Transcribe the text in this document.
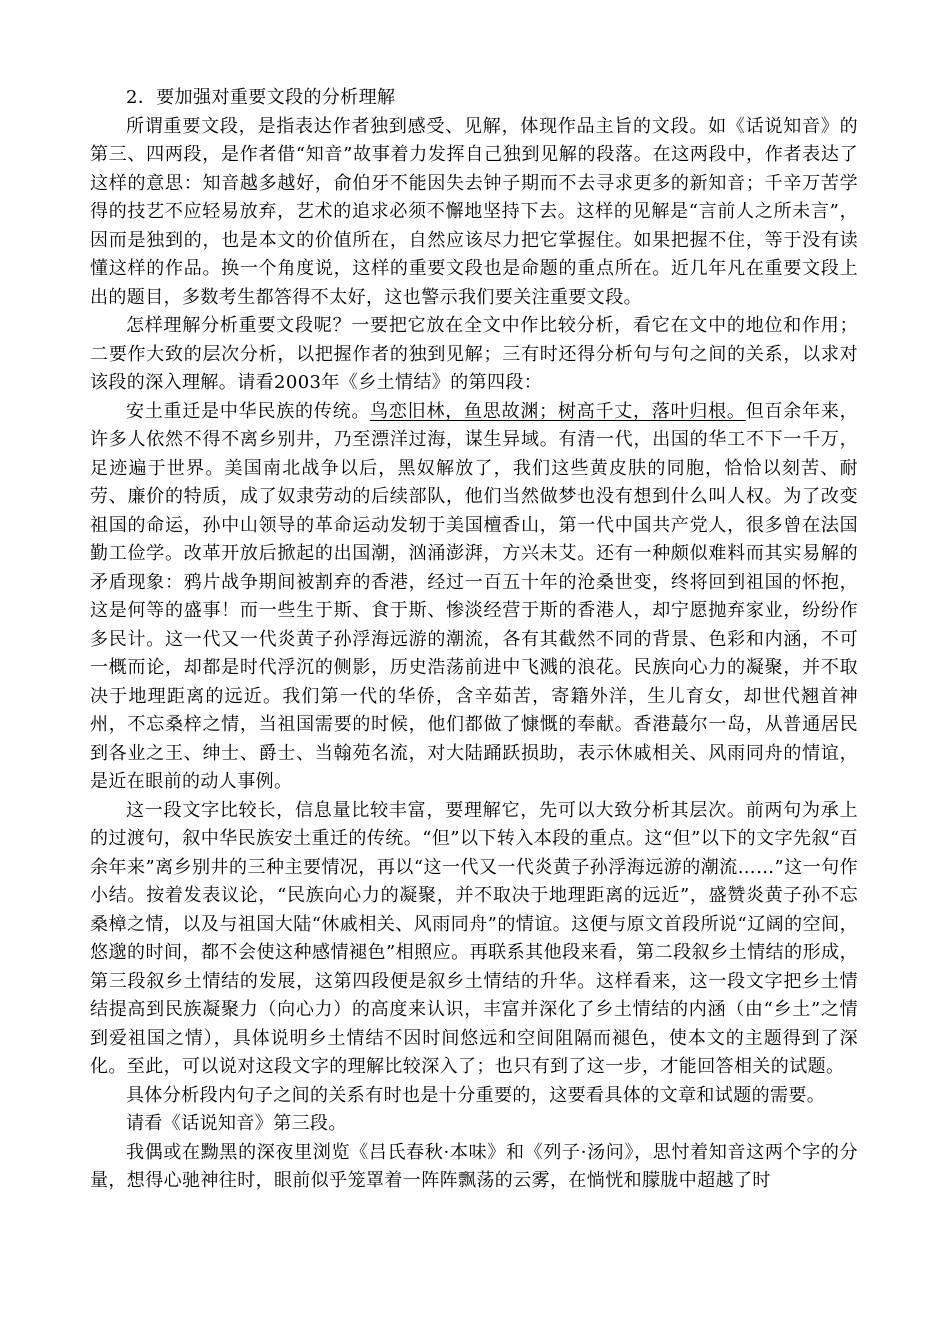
2．要加强对重要文段的分析理解

所谓重要文段，是指表达作者独到感受、见解，体现作品主旨的文段。如《话说知音》的第三、四两段，是作者借“知音”故事着力发挥自己独到见解的段落。在这两段中，作者表达了这样的意思：知音越多越好，俞伯牙不能因失去钟子期而不去寻求更多的新知音；千辛万苦学得的技艺不应轻易放弃，艺术的追求必须不懈地坚持下去。这样的见解是“言前人之所未言”，因而是独到的，也是本文的价值所在，自然应该尽力把它掌握住。如果把握不住，等于没有读懂这样的作品。换一个角度说，这样的重要文段也是命题的重点所在。近几年凡在重要文段上出的题目，多数考生都答得不太好，这也警示我们要关注重要文段。

怎样理解分析重要文段呢？一要把它放在全文中作比较分析，看它在文中的地位和作用；二要作大致的层次分析，以把握作者的独到见解；三有时还得分析句与句之间的关系，以求对该段的深入理解。请看2003年《乡土情结》的第四段：

安土重迁是中华民族的传统。鸟恋旧林，鱼思故渊；树高千丈，落叶归根。但百余年来，许多人依然不得不离乡别井，乃至漂洋过海，谋生异域。有清一代，出国的华工不下一千万，足迹遍于世界。美国南北战争以后，黑奴解放了，我们这些黄皮肤的同胞，恰恰以刻苦、耐劳、廉价的特质，成了奴隶劳动的后续部队，他们当然做梦也没有想到什么叫人权。为了改变祖国的命运，孙中山领导的革命运动发轫于美国檀香山，第一代中国共产党人，很多曾在法国勤工俭学。改革开放后掀起的出国潮，汹涌澎湃，方兴未艾。还有一种颇似难料而其实易解的矛盾现象：鸦片战争期间被割弃的香港，经过一百五十年的沧桑世变，终将回到祖国的怀抱，这是何等的盛事！而一些生于斯、食于斯、惨淡经营于斯的香港人，却宁愿抛弃家业，纷纷作多民计。这一代又一代炎黄子孙浮海远游的潮流，各有其截然不同的背景、色彩和内涵，不可一概而论，却都是时代浮沉的侧影，历史浩荡前进中飞溅的浪花。民族向心力的凝聚，并不取决于地理距离的远近。我们第一代的华侨，含辛茹苦，寄籍外洋，生儿育女，却世代翘首神州，不忘桑梓之情，当祖国需要的时候，他们都做了慷慨的奉献。香港蕞尔一岛，从普通居民到各业之王、绅士、爵士、当翰苑名流，对大陆踊跃损助，表示休戚相关、风雨同舟的情谊，是近在眼前的动人事例。

这一段文字比较长，信息量比较丰富，要理解它，先可以大致分析其层次。前两句为承上的过渡句，叙中华民族安土重迁的传统。“但”以下转入本段的重点。这“但”以下的文字先叙“百余年来”离乡别井的三种主要情况，再以“这一代又一代炎黄子孙浮海远游的潮流……”这一句作小结。按着发表议论，“民族向心力的凝聚，并不取决于地理距离的远近”，盛赞炎黄子孙不忘桑樟之情，以及与祖国大陆“休戚相关、风雨同舟”的情谊。这便与原文首段所说“辽阔的空间，悠邈的时间，都不会使这种感情褪色”相照应。再联系其他段来看，第二段叙乡土情结的形成，第三段叙乡土情结的发展，这第四段便是叙乡土情结的升华。这样看来，这一段文字把乡土情结提高到民族凝聚力（向心力）的高度来认识，丰富并深化了乡土情结的内涵（由“乡土”之情到爱祖国之情），具体说明乡土情结不因时间悠远和空间阻隔而褪色，使本文的主题得到了深化。至此，可以说对这段文字的理解比较深入了；也只有到了这一步，才能回答相关的试题。

具体分析段内句子之间的关系有时也是十分重要的，这要看具体的文章和试题的需要。

请看《话说知音》第三段。

我偶或在黝黑的深夜里浏览《吕氏春秋·本味》和《列子·汤问》，思忖着知音这两个字的分量，想得心驰神往时，眼前似乎笼罩着一阵阵飘荡的云雾，在惝恍和朦胧中超越了时
